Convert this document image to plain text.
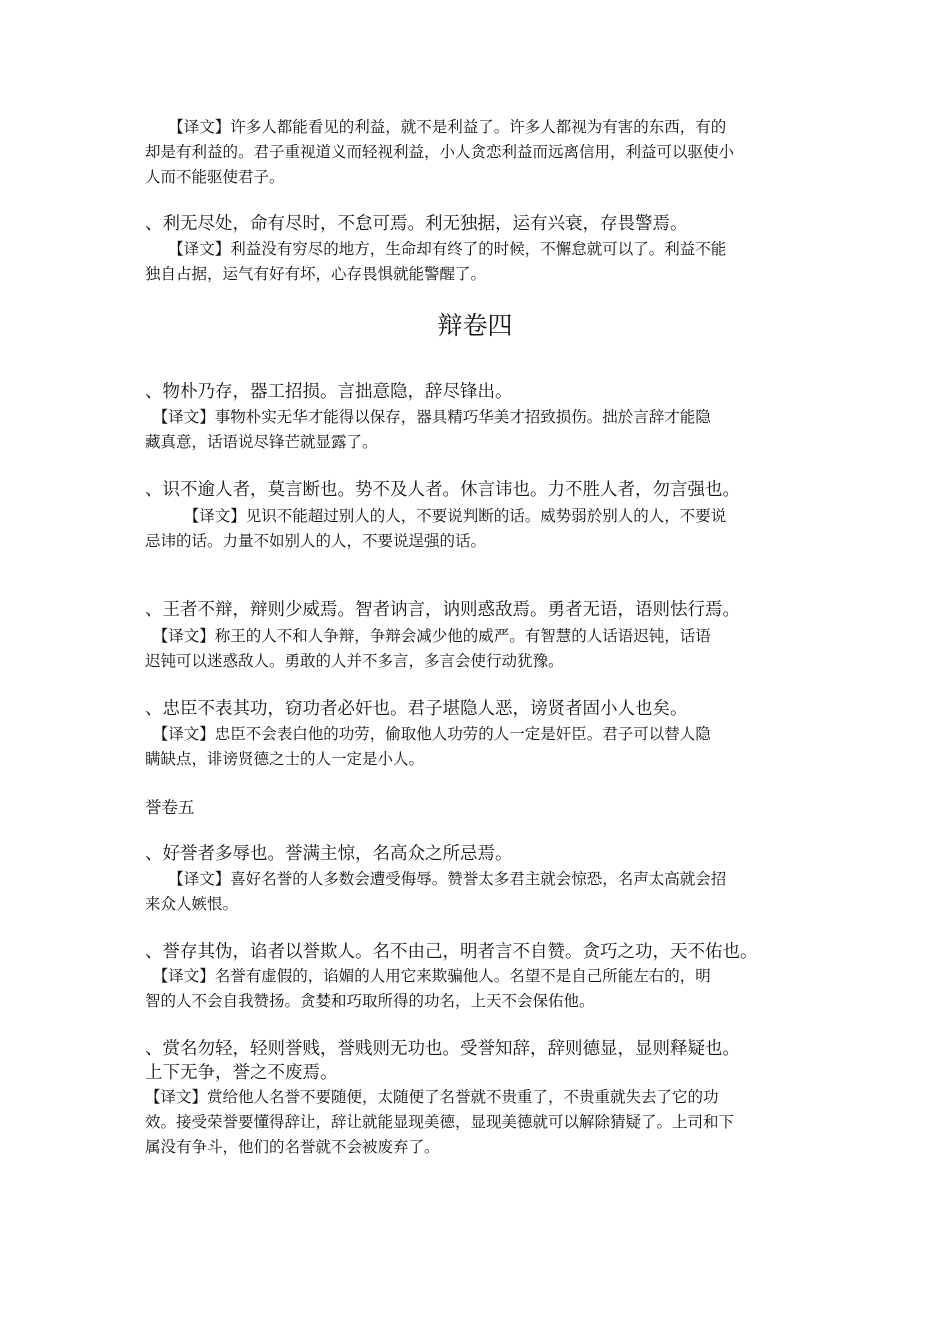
　　【译文】许多人都能看见的利益，就不是利益了。许多人都视为有害的东西，有的
却是有利益的。君子重视道义而轻视利益，小人贪恋利益而远离信用，利益可以驱使小
人而不能驱使君子。
、利无尽处，命有尽时，不怠可焉。利无独据，运有兴衰，存畏警焉。
　　【译文】利益没有穷尽的地方，生命却有终了的时候，不懈怠就可以了。利益不能
独自占据，运气有好有坏，心存畏惧就能警醒了。
辩卷四
、物朴乃存，器工招损。言拙意隐，辞尽锋出。
　【译文】事物朴实无华才能得以保存，器具精巧华美才招致损伤。拙於言辞才能隐
藏真意，话语说尽锋芒就显露了。
、识不逾人者，莫言断也。势不及人者。休言讳也。力不胜人者，勿言强也。
　　　【译文】见识不能超过别人的人，不要说判断的话。威势弱於别人的人，不要说
忌讳的话。力量不如别人的人，不要说逞强的话。
、王者不辩，辩则少威焉。智者讷言，讷则惑敌焉。勇者无语，语则怯行焉。
　【译文】称王的人不和人争辩，争辩会减少他的威严。有智慧的人话语迟钝，话语
迟钝可以迷惑敌人。勇敢的人并不多言，多言会使行动犹豫。
、忠臣不表其功，窃功者必奸也。君子堪隐人恶，谤贤者固小人也矣。
　【译文】忠臣不会表白他的功劳，偷取他人功劳的人一定是奸臣。君子可以替人隐
瞒缺点，诽谤贤德之士的人一定是小人。
誉卷五
、好誉者多辱也。誉满主惊，名高众之所忌焉。
　　【译文】喜好名誉的人多数会遭受侮辱。赞誉太多君主就会惊恐，名声太高就会招
来众人嫉恨。
、誉存其伪，谄者以誉欺人。名不由己，明者言不自赞。贪巧之功，天不佑也。
　【译文】名誉有虚假的，谄媚的人用它来欺骗他人。名望不是自己所能左右的，明
智的人不会自我赞扬。贪婪和巧取所得的功名，上天不会保佑他。
、赏名勿轻，轻则誉贱，誉贱则无功也。受誉知辞，辞则德显，显则释疑也。
上下无争，誉之不废焉。
【译文】赏给他人名誉不要随便，太随便了名誉就不贵重了，不贵重就失去了它的功
效。接受荣誉要懂得辞让，辞让就能显现美德，显现美德就可以解除猜疑了。上司和下
属没有争斗，他们的名誉就不会被废弃了。
